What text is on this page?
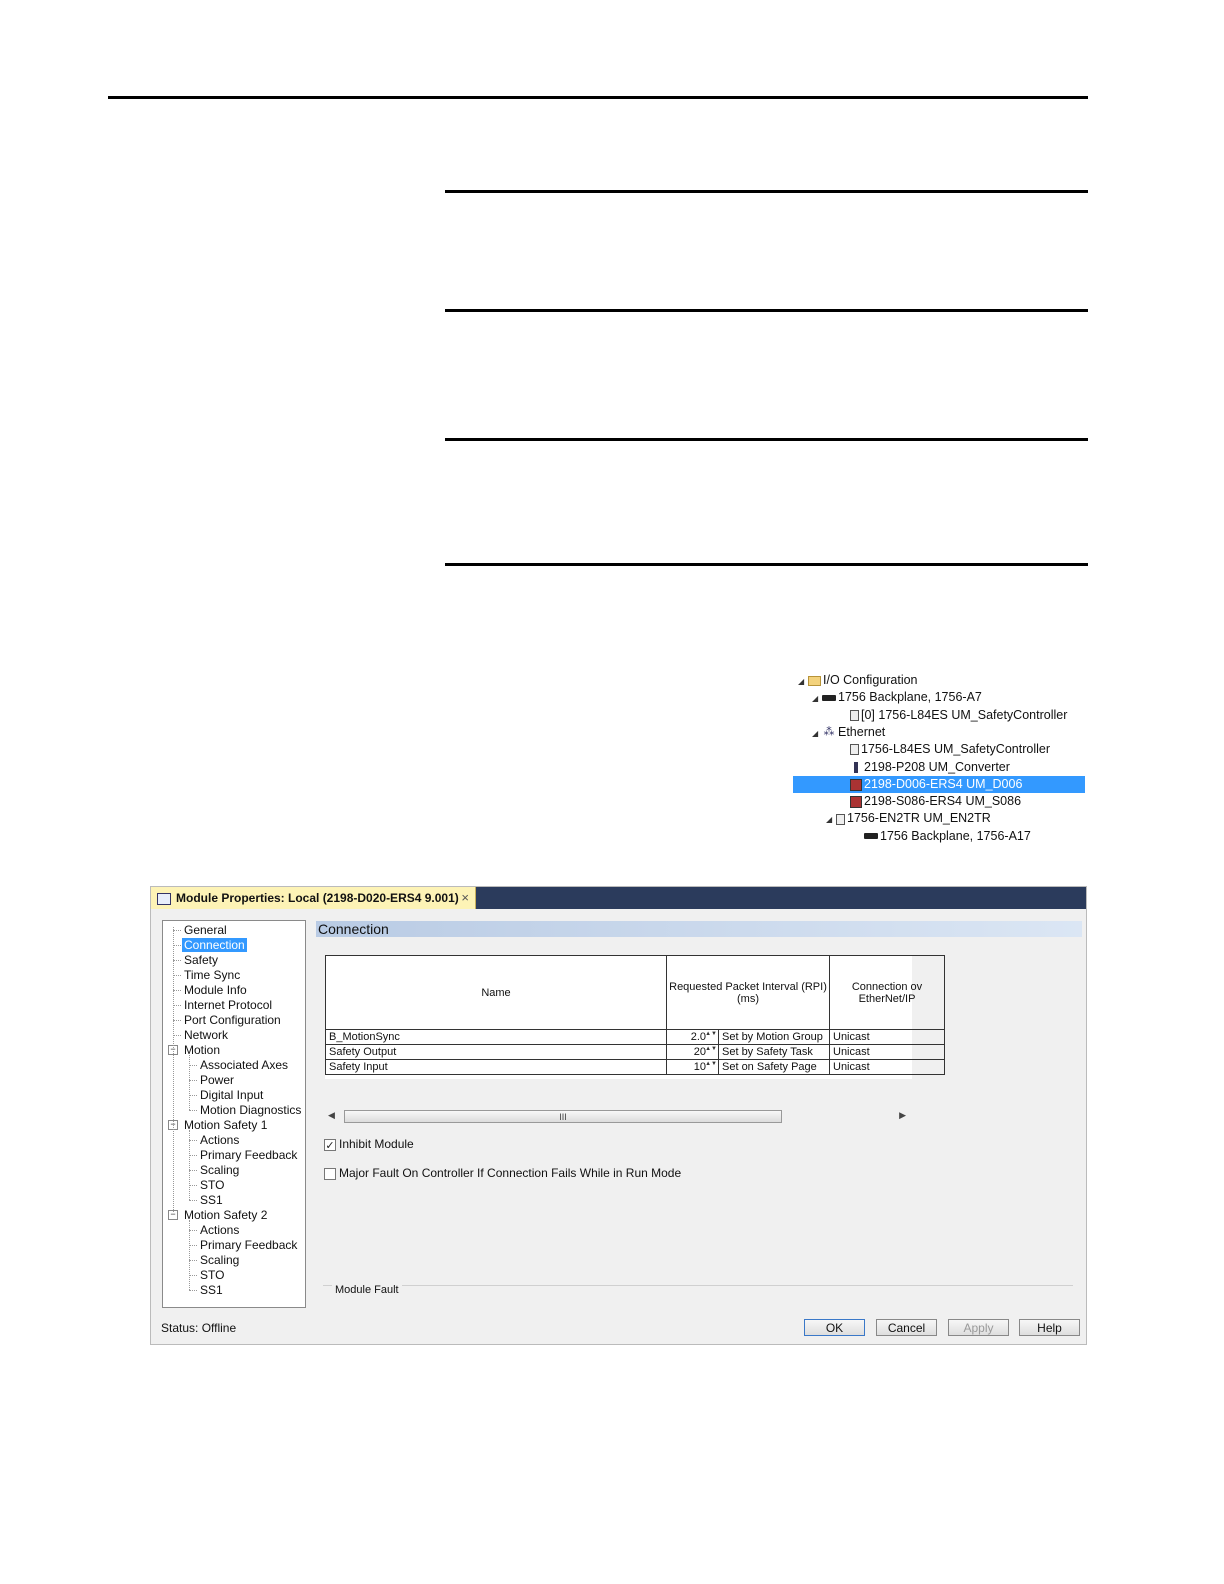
◢ I/O Configuration
◢ 1756 Backplane, 1756-A7
[0] 1756-L84ES UM_SafetyController
◢ ⁂ Ethernet
1756-L84ES UM_SafetyController
2198-P208 UM_Converter
2198-D006-ERS4 UM_D006
2198-S086-ERS4 UM_S086
◢ 1756-EN2TR UM_EN2TR
1756 Backplane, 1756-A17
Module Properties: Local (2198-D020-ERS4 9.001) ×
General
Connection
Safety
Time Sync
Module Info
Internet Protocol
Port Configuration
Network
Motion
−
Associated Axes
Power
Digital Input
Motion Diagnostics
Motion Safety 1
−
Actions
Primary Feedback
Scaling
STO
SS1
Motion Safety 2
−
Actions
Primary Feedback
Scaling
STO
SS1
Connection
Name	Requested Packet Interval (RPI) (ms)		Connection ov EtherNet/IP
B_MotionSync	2.0 ▲▼	Set by Motion Group	Unicast
Safety Output	20 ▲▼	Set by Safety Task	Unicast
Safety Input	10 ▲▼	Set on Safety Page	Unicast
◀	III	▶
✓ Inhibit Module
Major Fault On Controller If Connection Fails While in Run Mode
Module Fault
Status: Offline	OK	Cancel	Apply	Help
